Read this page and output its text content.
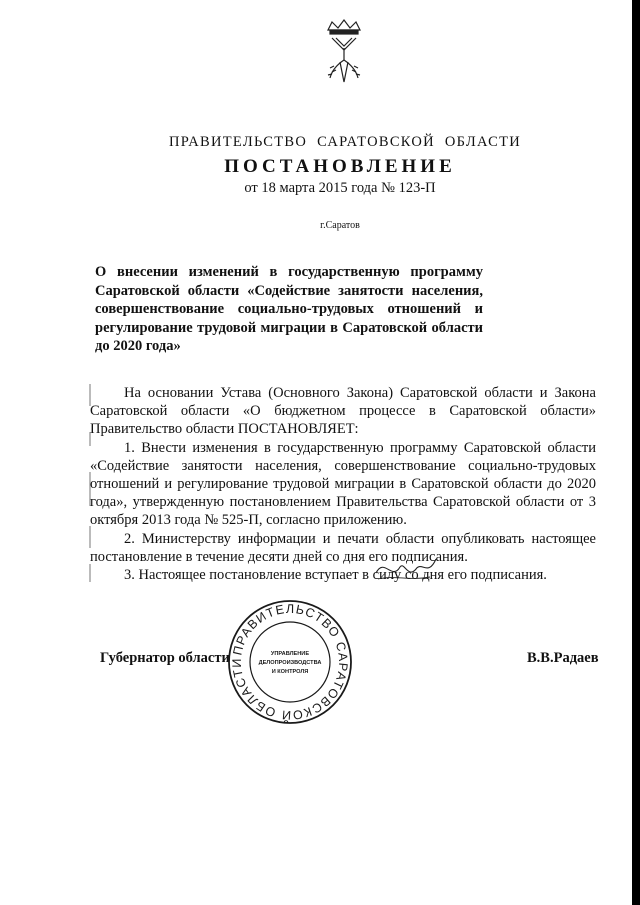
ПРАВИТЕЛЬСТВО САРАТОВСКОЙ ОБЛАСТИ
ПОСТАНОВЛЕНИЕ
от 18 марта 2015 года № 123-П
г.Саратов
О внесении изменений в государственную программу Саратовской области «Содействие занятости населения, совершенствование социально-трудовых отношений и регулирование трудовой миграции в Саратовской области до 2020 года»

На основании Устава (Основного Закона) Саратовской области и Закона Саратовской области «О бюджетном процессе в Саратовской области» Правительство области ПОСТАНОВЛЯЕТ:

1. Внести изменения в государственную программу Саратовской области «Содействие занятости населения, совершенствование социально-трудовых отношений и регулирование трудовой миграции в Саратовской области до 2020 года», утвержденную постановлением Правительства Саратовской области от 3 октября 2013 года № 525-П, согласно приложению.

2. Министерству информации и печати области опубликовать настоящее постановление в течение десяти дней со дня его подписания.

3. Настоящее постановление вступает в силу со дня его подписания.

Губернатор области	В.В.Радаев
ПРАВИТЕЛЬСТВО САРАТОВСКОЙ ОБЛАСТИ
УПРАВЛЕНИЕ
ДЕЛОПРОИЗВОДСТВА
И КОНТРОЛЯ
